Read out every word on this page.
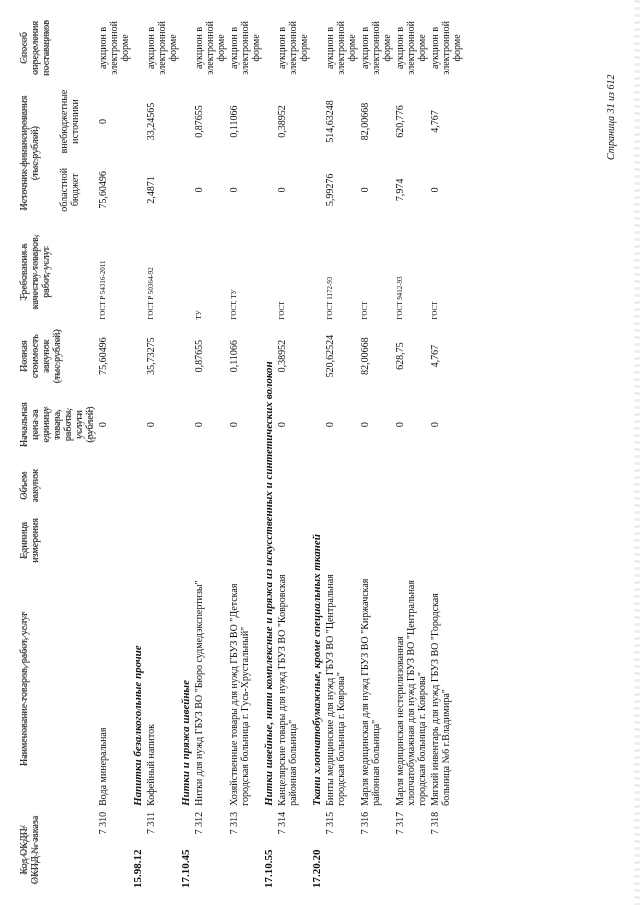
Код ОКДП/ ОКПД № заказа	Наименование товаров, работ, услуг	Единица измерения	Объем закупок	Начальная цена за единицу товара, работы, услуги (рублей)	Полная стоимость закупок (тыс.рублей)	Требования к качеству товаров, работ, услуг	Источник финансирования (тыс.рублей)		Способ определения поставщиков
							областной бюджет	внебюджетные источники	
7 310	Вода минеральная			0	75,60496	ГОСТ Р 54316-2011	75,60496	0	аукцион в электронной форме
15.98.12	Напитки безалкогольные прочие								
7 311	Кофейный напиток			0	35,73275	ГОСТ Р 50364-92	2,4871	33,24565	аукцион в электронной форме
17.10.45	Нитки и пряжа швейные								
7 312	Нитки для нужд ГБУЗ ВО "Бюро судмедэкспертизы"			0	0,87655	ТУ	0	0,87655	аукцион в электронной форме
7 313	Хозяйственные товары для нужд ГБУЗ ВО "Детская городская больница г. Гусь-Хрустальный"			0	0,11066	ГОСТ, ТУ	0	0,11066	аукцион в электронной форме
17.10.55	Нитки швейные, нити комплексные и пряжа из искусственных и синтетических волокон								
7 314	Канцелярские товары для нужд ГБУЗ ВО "Ковровская районная больница"			0	0,38952	ГОСТ	0	0,38952	аукцион в электронной форме
17.20.20	Ткани хлопчатобумажные, кроме специальных тканей								
7 315	Бинты медицинские для нужд ГБУЗ ВО "Центральная городская больница г. Коврова"			0	520,62524	ГОСТ 1172-93	5,99276	514,63248	аукцион в электронной форме
7 316	Марля медицинская для нужд ГБУЗ ВО "Киржачская районная больница"			0	82,00668	ГОСТ	0	82,00668	аукцион в электронной форме
7 317	Марля медицинская нестерилизованная хлопчатобумажная для нужд ГБУЗ ВО "Центральная городская больница г. Коврова"			0	628,75	ГОСТ 9412-93	7,974	620,776	аукцион в электронной форме
7 318	Мягкий инвентарь для нужд ГБУЗ ВО "Городская больница №6 г.Владимира"			0	4,767	ГОСТ	0	4,767	аукцион в электронной форме
Страница 31 из 612
